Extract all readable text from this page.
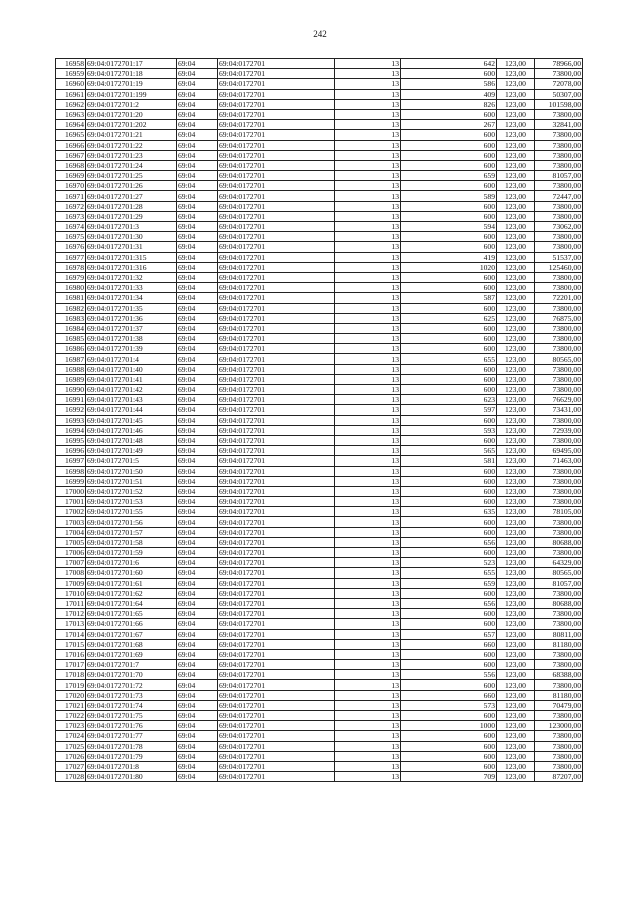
242
16958	69:04:0172701:17	69:04	69:04:0172701	13	642	123,00	78966,00
16959	69:04:0172701:18	69:04	69:04:0172701	13	600	123,00	73800,00
16960	69:04:0172701:19	69:04	69:04:0172701	13	586	123,00	72078,00
16961	69:04:0172701:199	69:04	69:04:0172701	13	409	123,00	50307,00
16962	69:04:0172701:2	69:04	69:04:0172701	13	826	123,00	101598,00
16963	69:04:0172701:20	69:04	69:04:0172701	13	600	123,00	73800,00
16964	69:04:0172701:202	69:04	69:04:0172701	13	267	123,00	32841,00
16965	69:04:0172701:21	69:04	69:04:0172701	13	600	123,00	73800,00
16966	69:04:0172701:22	69:04	69:04:0172701	13	600	123,00	73800,00
16967	69:04:0172701:23	69:04	69:04:0172701	13	600	123,00	73800,00
16968	69:04:0172701:24	69:04	69:04:0172701	13	600	123,00	73800,00
16969	69:04:0172701:25	69:04	69:04:0172701	13	659	123,00	81057,00
16970	69:04:0172701:26	69:04	69:04:0172701	13	600	123,00	73800,00
16971	69:04:0172701:27	69:04	69:04:0172701	13	589	123,00	72447,00
16972	69:04:0172701:28	69:04	69:04:0172701	13	600	123,00	73800,00
16973	69:04:0172701:29	69:04	69:04:0172701	13	600	123,00	73800,00
16974	69:04:0172701:3	69:04	69:04:0172701	13	594	123,00	73062,00
16975	69:04:0172701:30	69:04	69:04:0172701	13	600	123,00	73800,00
16976	69:04:0172701:31	69:04	69:04:0172701	13	600	123,00	73800,00
16977	69:04:0172701:315	69:04	69:04:0172701	13	419	123,00	51537,00
16978	69:04:0172701:316	69:04	69:04:0172701	13	1020	123,00	125460,00
16979	69:04:0172701:32	69:04	69:04:0172701	13	600	123,00	73800,00
16980	69:04:0172701:33	69:04	69:04:0172701	13	600	123,00	73800,00
16981	69:04:0172701:34	69:04	69:04:0172701	13	587	123,00	72201,00
16982	69:04:0172701:35	69:04	69:04:0172701	13	600	123,00	73800,00
16983	69:04:0172701:36	69:04	69:04:0172701	13	625	123,00	76875,00
16984	69:04:0172701:37	69:04	69:04:0172701	13	600	123,00	73800,00
16985	69:04:0172701:38	69:04	69:04:0172701	13	600	123,00	73800,00
16986	69:04:0172701:39	69:04	69:04:0172701	13	600	123,00	73800,00
16987	69:04:0172701:4	69:04	69:04:0172701	13	655	123,00	80565,00
16988	69:04:0172701:40	69:04	69:04:0172701	13	600	123,00	73800,00
16989	69:04:0172701:41	69:04	69:04:0172701	13	600	123,00	73800,00
16990	69:04:0172701:42	69:04	69:04:0172701	13	600	123,00	73800,00
16991	69:04:0172701:43	69:04	69:04:0172701	13	623	123,00	76629,00
16992	69:04:0172701:44	69:04	69:04:0172701	13	597	123,00	73431,00
16993	69:04:0172701:45	69:04	69:04:0172701	13	600	123,00	73800,00
16994	69:04:0172701:46	69:04	69:04:0172701	13	593	123,00	72939,00
16995	69:04:0172701:48	69:04	69:04:0172701	13	600	123,00	73800,00
16996	69:04:0172701:49	69:04	69:04:0172701	13	565	123,00	69495,00
16997	69:04:0172701:5	69:04	69:04:0172701	13	581	123,00	71463,00
16998	69:04:0172701:50	69:04	69:04:0172701	13	600	123,00	73800,00
16999	69:04:0172701:51	69:04	69:04:0172701	13	600	123,00	73800,00
17000	69:04:0172701:52	69:04	69:04:0172701	13	600	123,00	73800,00
17001	69:04:0172701:53	69:04	69:04:0172701	13	600	123,00	73800,00
17002	69:04:0172701:55	69:04	69:04:0172701	13	635	123,00	78105,00
17003	69:04:0172701:56	69:04	69:04:0172701	13	600	123,00	73800,00
17004	69:04:0172701:57	69:04	69:04:0172701	13	600	123,00	73800,00
17005	69:04:0172701:58	69:04	69:04:0172701	13	656	123,00	80688,00
17006	69:04:0172701:59	69:04	69:04:0172701	13	600	123,00	73800,00
17007	69:04:0172701:6	69:04	69:04:0172701	13	523	123,00	64329,00
17008	69:04:0172701:60	69:04	69:04:0172701	13	655	123,00	80565,00
17009	69:04:0172701:61	69:04	69:04:0172701	13	659	123,00	81057,00
17010	69:04:0172701:62	69:04	69:04:0172701	13	600	123,00	73800,00
17011	69:04:0172701:64	69:04	69:04:0172701	13	656	123,00	80688,00
17012	69:04:0172701:65	69:04	69:04:0172701	13	600	123,00	73800,00
17013	69:04:0172701:66	69:04	69:04:0172701	13	600	123,00	73800,00
17014	69:04:0172701:67	69:04	69:04:0172701	13	657	123,00	80811,00
17015	69:04:0172701:68	69:04	69:04:0172701	13	660	123,00	81180,00
17016	69:04:0172701:69	69:04	69:04:0172701	13	600	123,00	73800,00
17017	69:04:0172701:7	69:04	69:04:0172701	13	600	123,00	73800,00
17018	69:04:0172701:70	69:04	69:04:0172701	13	556	123,00	68388,00
17019	69:04:0172701:72	69:04	69:04:0172701	13	600	123,00	73800,00
17020	69:04:0172701:73	69:04	69:04:0172701	13	660	123,00	81180,00
17021	69:04:0172701:74	69:04	69:04:0172701	13	573	123,00	70479,00
17022	69:04:0172701:75	69:04	69:04:0172701	13	600	123,00	73800,00
17023	69:04:0172701:76	69:04	69:04:0172701	13	1000	123,00	123000,00
17024	69:04:0172701:77	69:04	69:04:0172701	13	600	123,00	73800,00
17025	69:04:0172701:78	69:04	69:04:0172701	13	600	123,00	73800,00
17026	69:04:0172701:79	69:04	69:04:0172701	13	600	123,00	73800,00
17027	69:04:0172701:8	69:04	69:04:0172701	13	600	123,00	73800,00
17028	69:04:0172701:80	69:04	69:04:0172701	13	709	123,00	87207,00
